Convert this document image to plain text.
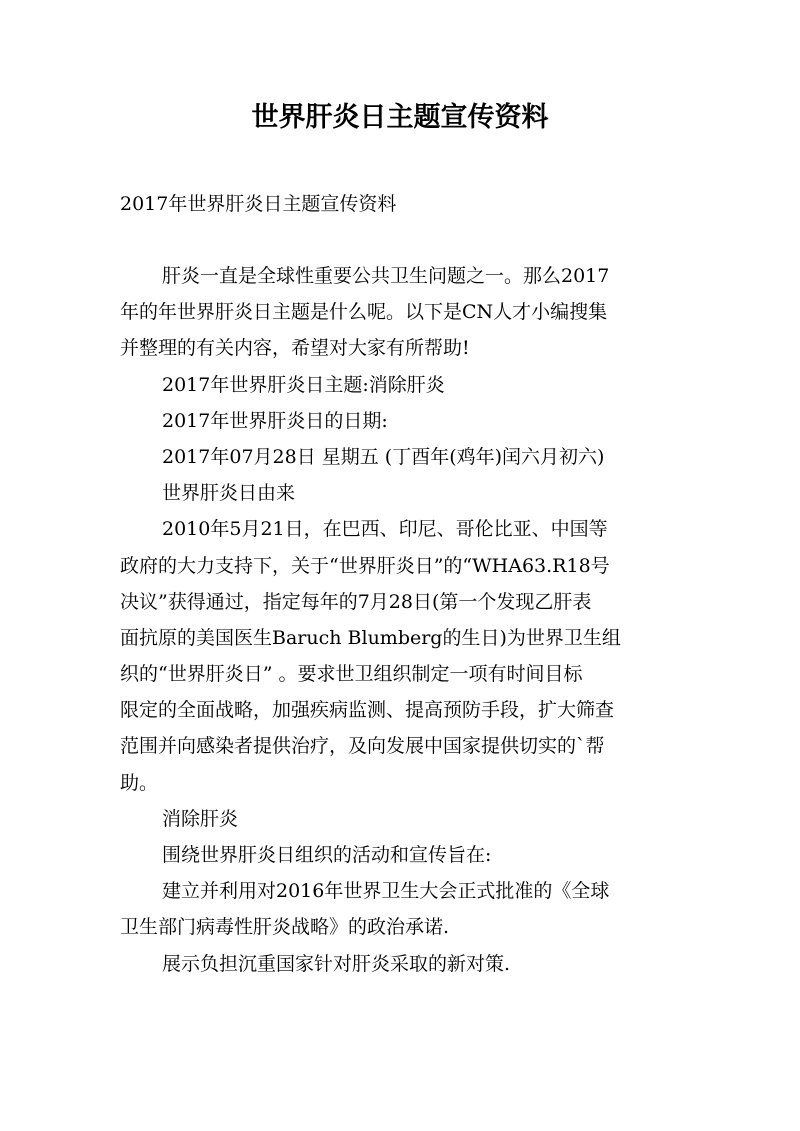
世界肝炎日主题宣传资料

2017年世界肝炎日主题宣传资料

肝炎一直是全球性重要公共卫生问题之一。那么2017
年的年世界肝炎日主题是什么呢。以下是CN人才小编搜集
并整理的有关内容，希望对大家有所帮助!
2017年世界肝炎日主题:消除肝炎
2017年世界肝炎日的日期:
2017年07月28日 星期五 (丁酉年(鸡年)闰六月初六)
世界肝炎日由来
2010年5月21日，在巴西、印尼、哥伦比亚、中国等
政府的大力支持下，关于“世界肝炎日”的“WHA63.R18号
决议”获得通过，指定每年的7月28日(第一个发现乙肝表
面抗原的美国医生Baruch Blumberg的生日)为世界卫生组
织的“世界肝炎日” 。要求世卫组织制定一项有时间目标
限定的全面战略，加强疾病监测、提高预防手段，扩大筛查
范围并向感染者提供治疗，及向发展中国家提供切实的`帮
助。
消除肝炎
围绕世界肝炎日组织的活动和宣传旨在:
建立并利用对2016年世界卫生大会正式批准的《全球
卫生部门病毒性肝炎战略》的政治承诺.
展示负担沉重国家针对肝炎采取的新对策.
